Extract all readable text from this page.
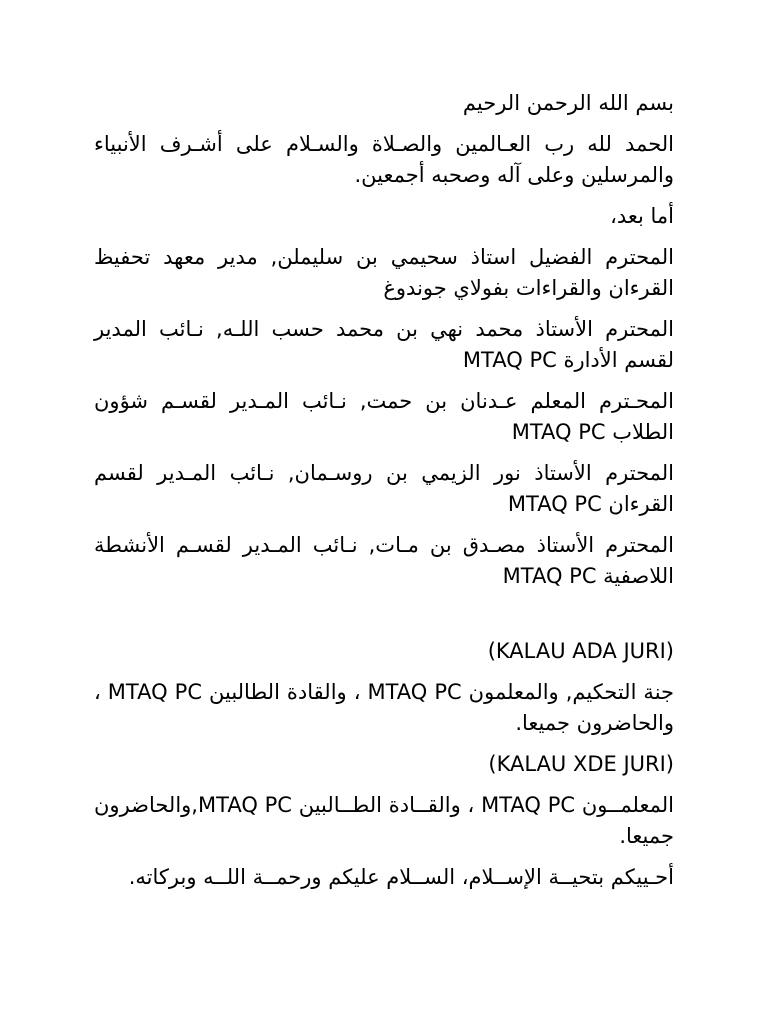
بسم الله الرحمن الرحيم

الحمد لله رب العـالمين والصـلاة والسـلام على أشـرف الأنبياء والمرسلين وعلى آله وصحبه أجمعين.

أما بعد،

المحترم الفضيل استاذ سحيمي بن سليملن, مدير معهد تحفيظ القرءان والقراءات بفولاي جوندوغ

المحترم الأستاذ محمد نهي بن محمد حسب اللـه, نـائب المدير لقسم الأدارة MTAQ PC

المحـترم المعلم عـدنان بن حمت, نـائب المـدير لقسـم شؤون الطلاب MTAQ PC

المحترم الأستاذ نور الزيمي بن روسـمان, نـائب المـدير لقسم القرءان MTAQ PC

المحترم الأستاذ مصـدق بن مـات, نـائب المـدير لقسـم الأنشطة اللاصفية MTAQ PC

(KALAU ADA JURI)

جنة التحكيم, والمعلمون MTAQ PC ، والقادة الطالبين MTAQ PC ، والحاضرون جميعا.

(KALAU XDE JURI)

المعلمــون MTAQ PC ، والقــادة الطــالبين MTAQ PC,والحاضرون جميعا.

أحـييكم بتحيــة الإســلام، الســلام عليكم ورحمــة اللــه وبركاته.
